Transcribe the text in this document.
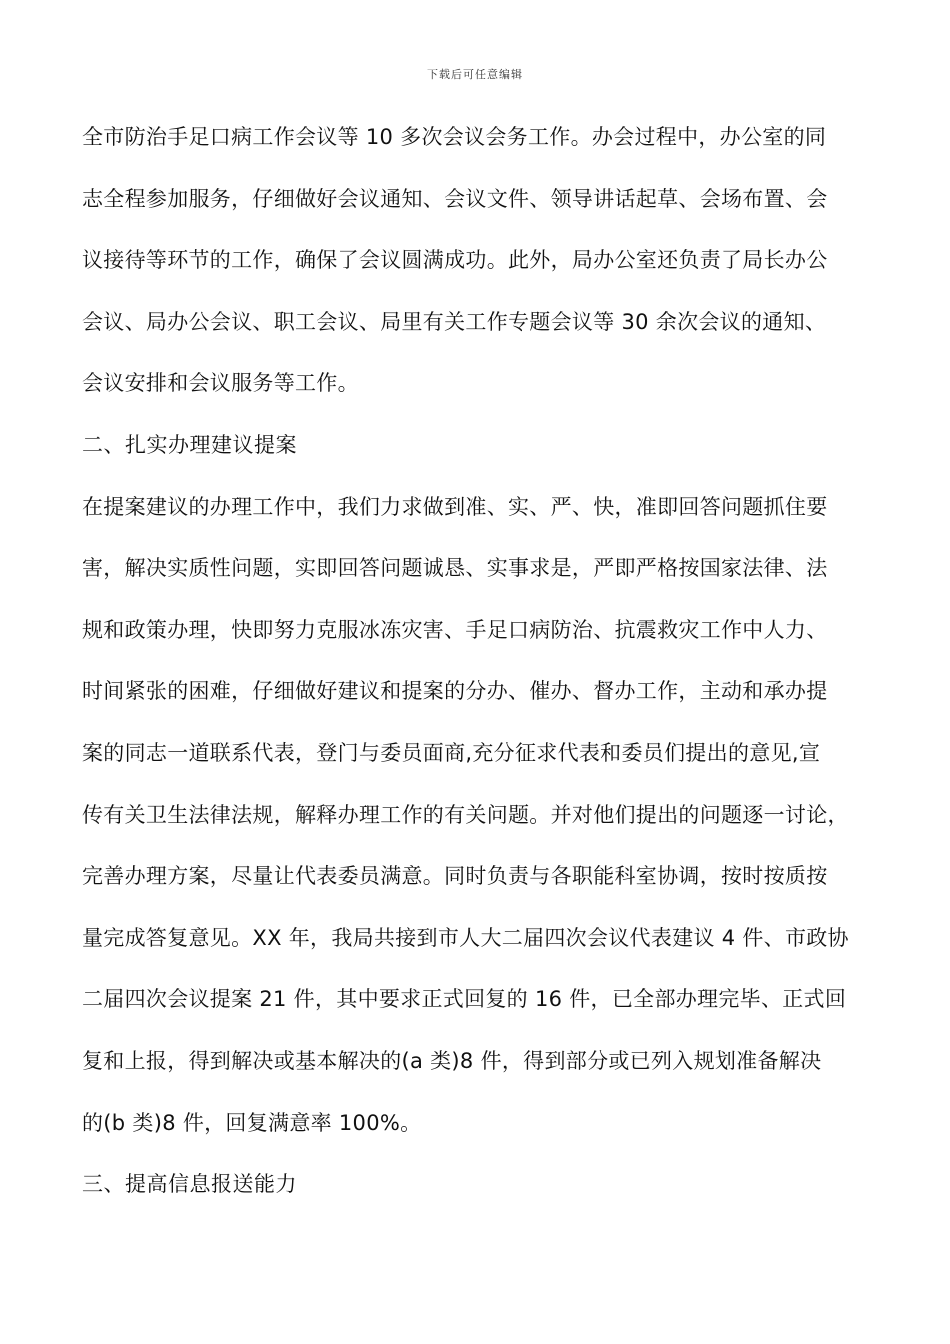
下载后可任意编辑
全市防治手足口病工作会议等 10 多次会议会务工作。办会过程中，办公室的同
志全程参加服务，仔细做好会议通知、会议文件、领导讲话起草、会场布置、会
议接待等环节的工作，确保了会议圆满成功。此外，局办公室还负责了局长办公
会议、局办公会议、职工会议、局里有关工作专题会议等 30 余次会议的通知、
会议安排和会议服务等工作。
二、扎实办理建议提案
在提案建议的办理工作中，我们力求做到准、实、严、快，准即回答问题抓住要
害，解决实质性问题，实即回答问题诚恳、实事求是，严即严格按国家法律、法
规和政策办理，快即努力克服冰冻灾害、手足口病防治、抗震救灾工作中人力、
时间紧张的困难，仔细做好建议和提案的分办、催办、督办工作，主动和承办提
案的同志一道联系代表，登门与委员面商,充分征求代表和委员们提出的意见,宣
传有关卫生法律法规，解释办理工作的有关问题。并对他们提出的问题逐一讨论，
完善办理方案，尽量让代表委员满意。同时负责与各职能科室协调，按时按质按
量完成答复意见。XX 年，我局共接到市人大二届四次会议代表建议 4 件、市政协
二届四次会议提案 21 件，其中要求正式回复的 16 件，已全部办理完毕、正式回
复和上报，得到解决或基本解决的(a 类)8 件，得到部分或已列入规划准备解决
的(b 类)8 件，回复满意率 100%。
三、提高信息报送能力
